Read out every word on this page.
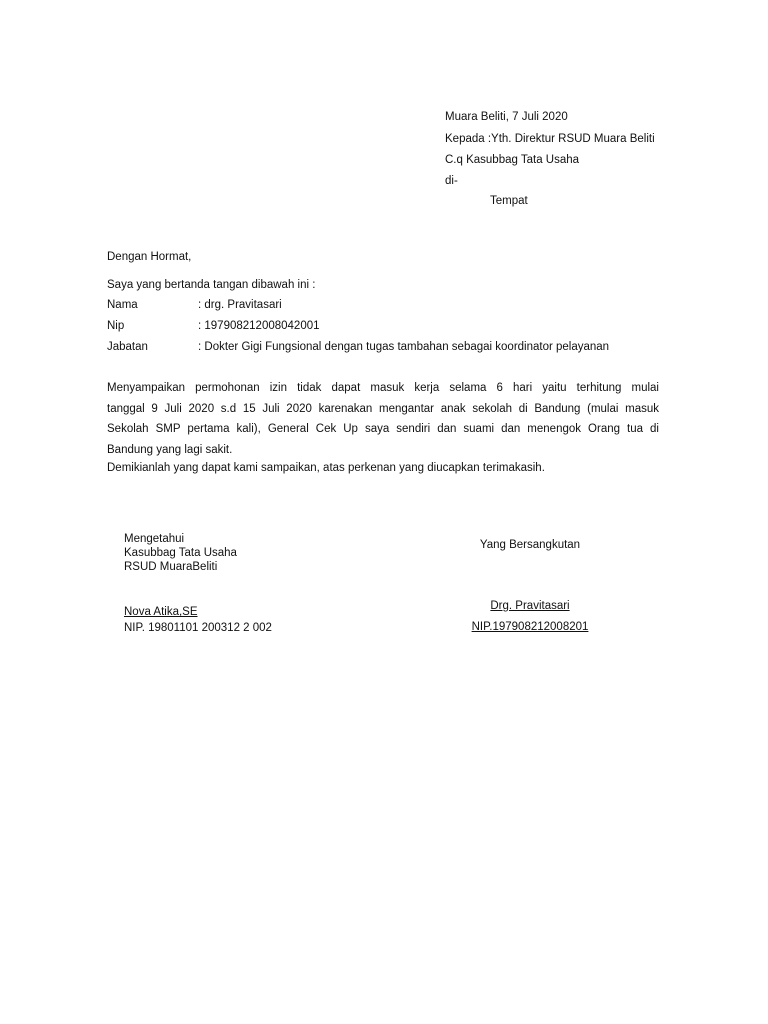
Muara Beliti, 7 Juli 2020
Kepada :Yth. Direktur RSUD Muara Beliti
C.q Kasubbag Tata Usaha
di-
Tempat
Dengan Hormat,
Saya yang bertanda tangan dibawah ini :
Nama	: drg. Pravitasari
Nip	: 197908212008042001
Jabatan	: Dokter Gigi Fungsional dengan tugas tambahan sebagai koordinator pelayanan
Menyampaikan permohonan izin tidak dapat masuk kerja selama 6 hari yaitu terhitung mulai
tanggal 9 Juli 2020 s.d 15 Juli 2020 karenakan mengantar anak sekolah di Bandung (mulai masuk
Sekolah SMP pertama kali), General Cek Up saya sendiri dan suami dan menengok Orang tua di
Bandung yang lagi sakit.
Demikianlah yang dapat kami sampaikan, atas perkenan yang diucapkan terimakasih.
Mengetahui
Kasubbag Tata Usaha
RSUD MuaraBeliti
Nova Atika,SE
NIP. 19801101 200312 2 002
Yang Bersangkutan
Drg. Pravitasari
NIP.197908212008201
